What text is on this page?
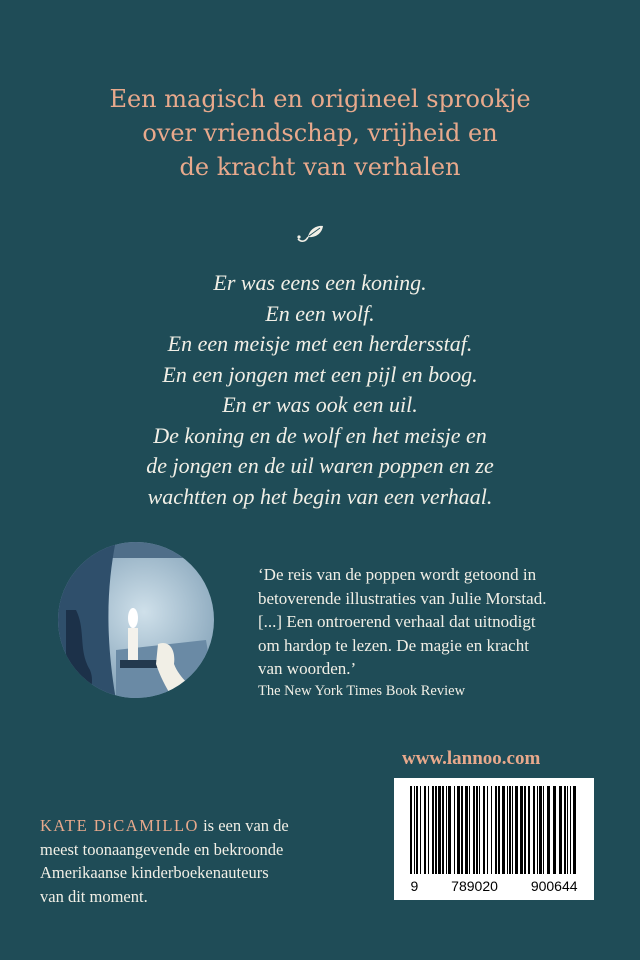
Een magisch en origineel sprookje
over vriendschap, vrijheid en
de kracht van verhalen
Er was eens een koning.
En een wolf.
En een meisje met een herdersstaf.
En een jongen met een pijl en boog.
En er was ook een uil.
De koning en de wolf en het meisje en
de jongen en de uil waren poppen en ze
wachtten op het begin van een verhaal.
‘De reis van de poppen wordt getoond in
betoverende illustraties van Julie Morstad.
[...] Een ontroerend verhaal dat uitnodigt
om hardop te lezen. De magie en kracht
van woorden.’
The New York Times Book Review
www.lannoo.com
9 789020 900644
KATE DiCAMILLO is een van de
meest toonaangevende en bekroonde
Amerikaanse kinderboekenauteurs
van dit moment.
